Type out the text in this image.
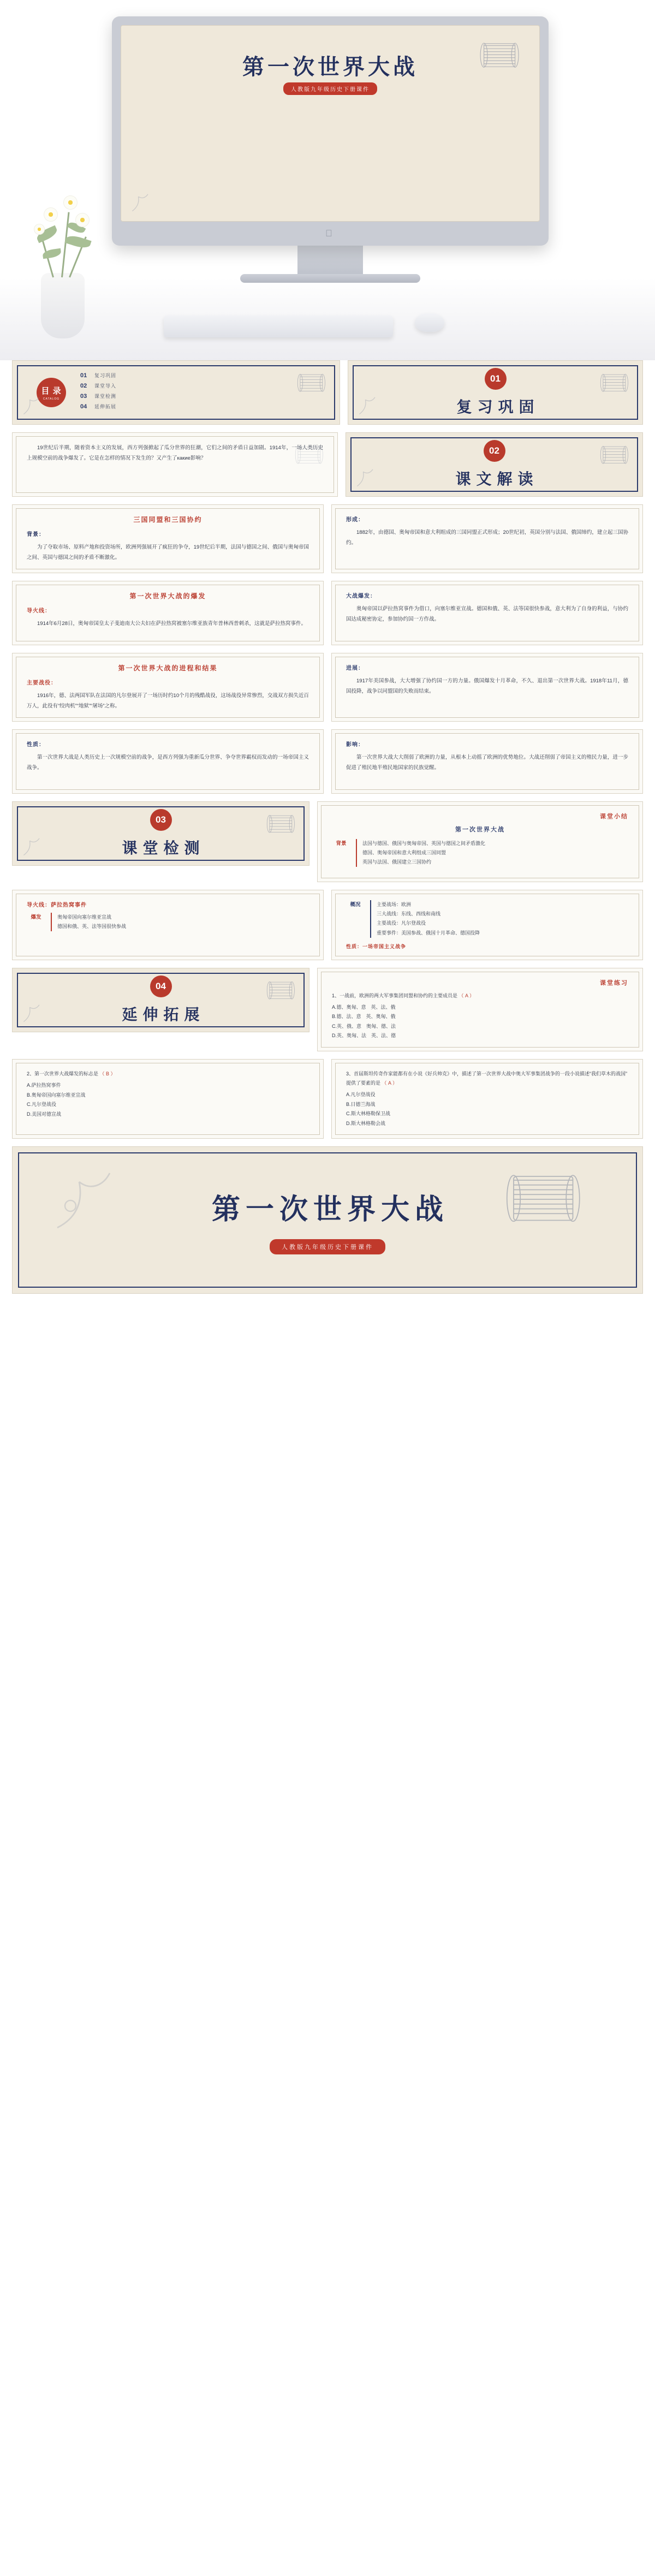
第一次世界大战
人教版九年级历史下册课件
目 录
CATALOG
01	复习巩固
02	课堂导入
03	课堂检测
04	延伸拓展
01
复习巩固
19世纪后半期，随着资本主义的发展，西方列强掀起了瓜分世界的狂潮，它们之间的矛盾日益加剧。1914年，一场人类历史上规模空前的战争爆发了。它是在怎样的情况下发生的？又产生了какие影响？
02
课文解读
三国同盟和三国协约
背景：
为了夺取市场、原料产地和投资场所，欧洲列强展开了疯狂的争夺，19世纪后半期，法国与德国之间、俄国与奥匈帝国之间、英国与德国之间的矛盾不断激化。
形成：
1882年，由德国、奥匈帝国和意大利组成的三国同盟正式形成；20世纪初，英国分别与法国、俄国缔约，建立起三国协约。
第一次世界大战的爆发
导火线：
1914年6月28日，奥匈帝国皇太子斐迪南大公夫妇在萨拉热窝被塞尔维亚族青年普林西普刺杀，这就是萨拉热窝事件。
大战爆发：
奥匈帝国以萨拉热窝事件为借口，向塞尔维亚宣战。德国和俄、英、法等国很快参战，意大利为了自身的利益，与协约国达成秘密协定，参加协约国一方作战。
第一次世界大战的进程和结果
主要战役：
1916年，德、法两国军队在法国的凡尔登展开了一场历时约10个月的残酷战役，这场战役异常惨烈，交战双方损失近百万人，此役有“绞肉机”“地狱”“屠场”之称。
进展：
1917年美国参战，大大增强了协约国一方的力量。俄国爆发十月革命，不久、退出第一次世界大战。1918年11月，德国投降，战争以同盟国的失败而结束。
性质：
第一次世界大战是人类历史上一次规模空前的战争，是西方列强为重新瓜分世界、争夺世界霸权而发动的一场帝国主义战争。
影响：
第一次世界大战大大削弱了欧洲的力量，从根本上动摇了欧洲的优势地位。大战还削弱了帝国主义的殖民力量，进一步促进了殖民地半殖民地国家的民族觉醒。
03
课堂检测
课堂小结
第一次世界大战
背景	法国与德国、俄国与奥匈帝国、英国与德国之间矛盾激化
德国、奥匈帝国和意大利组成三国同盟
英国与法国、俄国建立三国协约
导火线：萨拉热窝事件
爆发	奥匈帝国向塞尔维亚宣战
德国和俄、英、法等国很快参战
概况	主要战场：欧洲
三大战线：东线、西线和南线
主要战役：凡尔登战役
重要事件：美国参战、俄国十月革命、德国投降
性质：一场帝国主义战争
04
延伸拓展
课堂练习
1、一战前，欧洲的两大军事集团同盟和协约的主要成员是 （ A ）
A.德、奥匈、意　英、法、俄
B.德、法、意　英、奥匈、俄
C.英、俄、意　奥匈、德、法
D.英、奥匈、法　英、法、德
2、第一次世界大战爆发的标志是 （ B ）
A.萨拉热窝事件
B.奥匈帝国向塞尔维亚宣战
C.凡尔登战役
D.美国对德宣战
3、首届斯坦传奇作家能都有在小说《好兵帅克》中，描述了第一次世界大战中奥大军事集团战争的一段小说描述“我们草木的战国”提供了要素的是 （ A ）
A.凡尔登战役
B.日德兰海战
C.斯大林格勒保卫战
D.斯大林格勒会战
第一次世界大战
人教版九年级历史下册课件
